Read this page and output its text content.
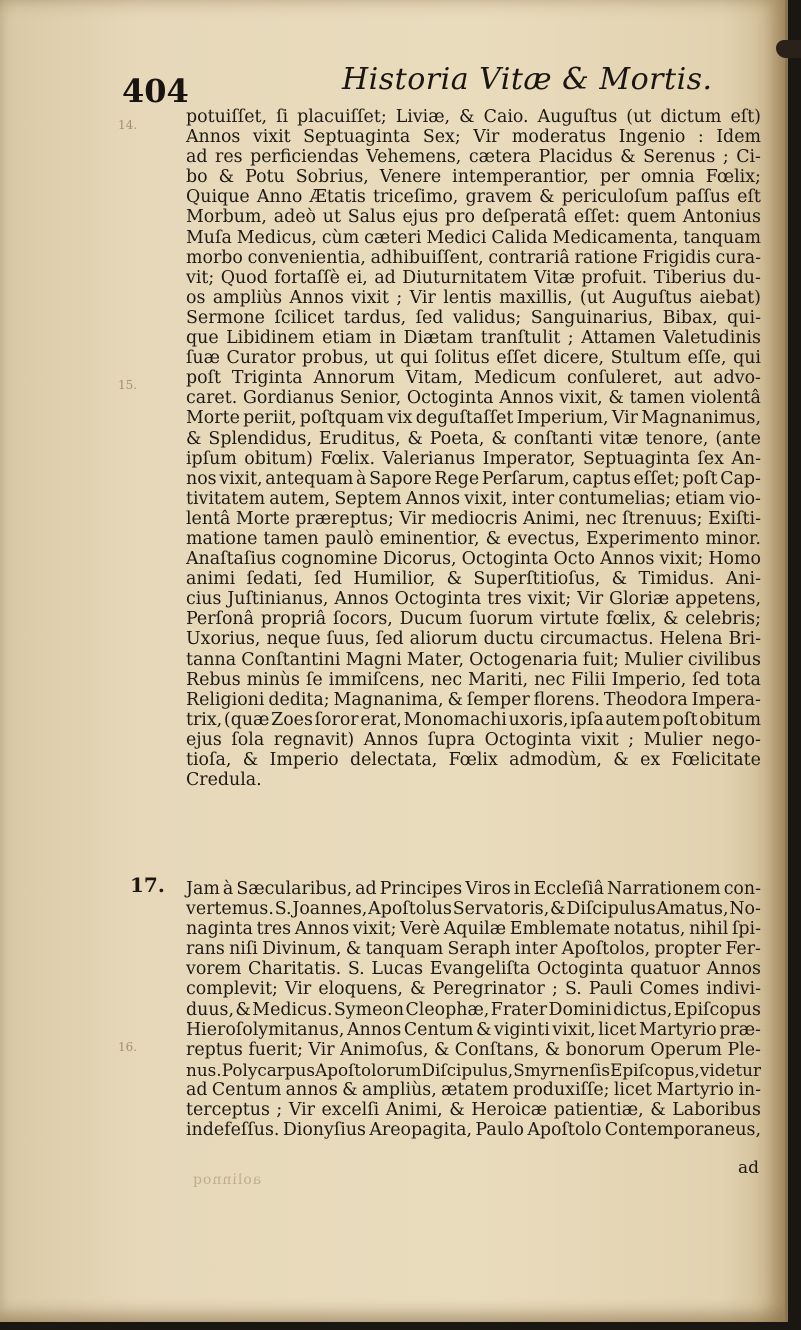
404	Historia Vitæ & Mortis.
14.
15.
16.
potuiſſet, ſi placuiſſet; Liviæ, & Caio. Auguſtus (ut dictum eſt)
Annos vixit Septuaginta Sex; Vir moderatus Ingenio : Idem
ad res perficiendas Vehemens, cætera Placidus & Serenus ; Ci-
bo & Potu Sobrius, Venere intemperantior, per omnia Fœlix;
Quique Anno Ætatis triceſimo, gravem & periculoſum paſſus eſt
Morbum, adeò ut Salus ejus pro deſperatâ eſſet: quem Antonius
Muſa Medicus, cùm cæteri Medici Calida Medicamenta, tanquam
morbo convenientia, adhibuiſſent, contrariâ ratione Frigidis cura-
vit; Quod fortaſſè ei, ad Diuturnitatem Vitæ profuit. Tiberius du-
os ampliùs Annos vixit ; Vir lentis maxillis, (ut Auguſtus aiebat)
Sermone ſcilicet tardus, ſed validus; Sanguinarius, Bibax, qui-
que Libidinem etiam in Diætam tranſtulit ; Attamen Valetudinis
ſuæ Curator probus, ut qui ſolitus eſſet dicere, Stultum eſſe, qui
poſt Triginta Annorum Vitam, Medicum conſuleret, aut advo-
caret. Gordianus Senior, Octoginta Annos vixit, & tamen violentâ
Morte periit, poſtquam vix deguſtaſſet Imperium, Vir Magnanimus,
& Splendidus, Eruditus, & Poeta, & conſtanti vitæ tenore, (ante
ipſum obitum) Fœlix. Valerianus Imperator, Septuaginta ſex An-
nos vixit, antequam à Sapore Rege Perſarum, captus eſſet; poſt Cap-
tivitatem autem, Septem Annos vixit, inter contumelias; etiam vio-
lentâ Morte præreptus; Vir mediocris Animi, nec ſtrenuus; Exiſti-
matione tamen paulò eminentior, & evectus, Experimento minor.
Anaſtaſius cognomine Dicorus, Octoginta Octo Annos vixit; Homo
animi ſedati, ſed Humilior, & Superſtitioſus, & Timidus. Ani-
cius Juſtinianus, Annos Octoginta tres vixit; Vir Gloriæ appetens,
Perſonâ propriâ ſocors, Ducum ſuorum virtute fœlix, & celebris;
Uxorius, neque ſuus, ſed aliorum ductu circumactus. Helena Bri-
tanna Conſtantini Magni Mater, Octogenaria fuit; Mulier civilibus
Rebus minùs ſe immiſcens, nec Mariti, nec Filii Imperio, ſed tota
Religioni dedita; Magnanima, & ſemper florens. Theodora Impera-
trix, (quæ Zoes ſoror erat, Monomachi uxoris, ipſa autem poſt obitum
ejus ſola regnavit) Annos ſupra Octoginta vixit ; Mulier nego-
tioſa, & Imperio delectata, Fœlix admodùm, & ex Fœlicitate
Credula.
17. Jam à Sæcularibus, ad Principes Viros in Eccleſiâ Narrationem con-
vertemus. S. Joannes, Apoſtolus Servatoris, & Diſcipulus Amatus, No-
naginta tres Annos vixit; Verè Aquilæ Emblemate notatus, nihil ſpi-
rans niſi Divinum, & tanquam Seraph inter Apoſtolos, propter Fer-
vorem Charitatis. S. Lucas Evangeliſta Octoginta quatuor Annos
complevit; Vir eloquens, & Peregrinator ; S. Pauli Comes indivi-
duus, & Medicus. Symeon Cleophæ, Frater Domini dictus, Epiſcopus
Hieroſolymitanus, Annos Centum & viginti vixit, licet Martyrio præ-
reptus fuerit; Vir Animoſus, & Conſtans, & bonorum Operum Ple-
nus. Polycarpus Apoſtolorum Diſcipulus, Smyrnenſis Epiſcopus, videtur
ad Centum annos & ampliùs, ætatem produxiſſe; licet Martyrio in-
terceptus ; Vir excelſi Animi, & Heroicæ patientiæ, & Laboribus
indefeſſus. Dionyſius Areopagita, Paulo Apoſtolo Contemporaneus,
ad
aolinnoq
